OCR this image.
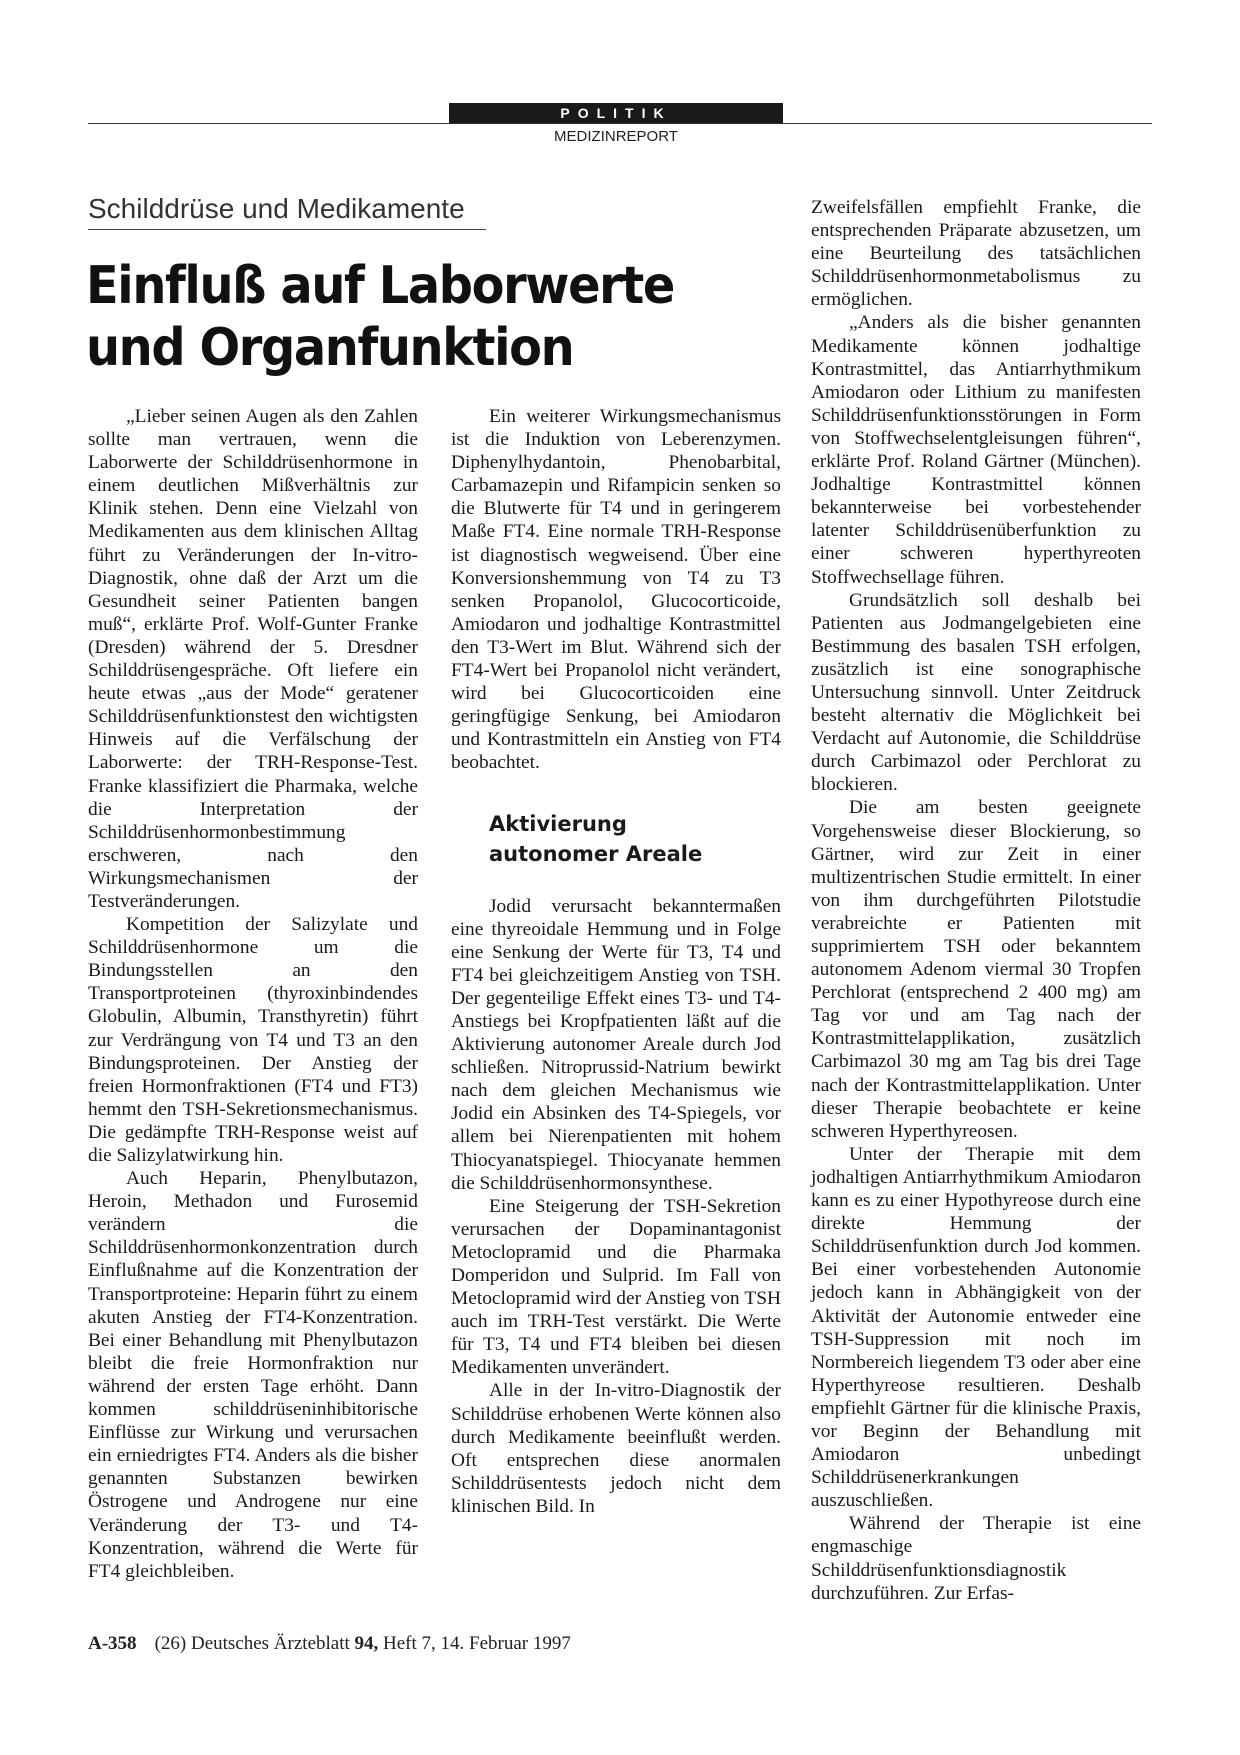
POLITIK
MEDIZINREPORT
Schilddrüse und Medikamente
Einfluß auf Laborwerte
und Organfunktion

„Lieber seinen Augen als den Zahlen sollte man vertrauen, wenn die Laborwerte der Schilddrüsenhormone in einem deutlichen Mißverhältnis zur Klinik stehen. Denn eine Vielzahl von Medikamenten aus dem klinischen Alltag führt zu Veränderungen der In-vitro-Diagnostik, ohne daß der Arzt um die Gesundheit seiner Patienten bangen muß“, erklärte Prof. Wolf-Gunter Franke (Dresden) während der 5. Dresdner Schilddrüsengespräche. Oft liefere ein heute etwas „aus der Mode“ geratener Schilddrüsenfunktionstest den wichtigsten Hinweis auf die Verfälschung der Laborwerte: der TRH-Response-Test. Franke klassifiziert die Pharmaka, welche die Interpretation der Schilddrüsenhormonbestimmung erschweren, nach den Wirkungsmechanismen der Testveränderungen.

Kompetition der Salizylate und Schilddrüsenhormone um die Bindungsstellen an den Transportproteinen (thyroxinbindendes Globulin, Albumin, Transthyretin) führt zur Verdrängung von T4 und T3 an den Bindungsproteinen. Der Anstieg der freien Hormonfraktionen (FT4 und FT3) hemmt den TSH-Sekretionsmechanismus. Die gedämpfte TRH-Response weist auf die Salizylatwirkung hin.

Auch Heparin, Phenylbutazon, Heroin, Methadon und Furosemid verändern die Schilddrüsenhormonkonzentration durch Einflußnahme auf die Konzentration der Transportproteine: Heparin führt zu einem akuten Anstieg der FT4-Konzentration. Bei einer Behandlung mit Phenylbutazon bleibt die freie Hormonfraktion nur während der ersten Tage erhöht. Dann kommen schilddrüseninhibitorische Einflüsse zur Wirkung und verursachen ein erniedrigtes FT4. Anders als die bisher genannten Substanzen bewirken Östrogene und Androgene nur eine Veränderung der T3- und T4-Konzentration, während die Werte für FT4 gleichbleiben.

Ein weiterer Wirkungsmechanismus ist die Induktion von Leberenzymen. Diphenylhydantoin, Phenobarbital, Carbamazepin und Rifampicin senken so die Blutwerte für T4 und in geringerem Maße FT4. Eine normale TRH-Response ist diagnostisch wegweisend. Über eine Konversionshemmung von T4 zu T3 senken Propanolol, Glucocorticoide, Amiodaron und jodhaltige Kontrastmittel den T3-Wert im Blut. Während sich der FT4-Wert bei Propanolol nicht verändert, wird bei Glucocorticoiden eine geringfügige Senkung, bei Amiodaron und Kontrastmitteln ein Anstieg von FT4 beobachtet.

Aktivierung
autonomer Areale

Jodid verursacht bekanntermaßen eine thyreoidale Hemmung und in Folge eine Senkung der Werte für T3, T4 und FT4 bei gleichzeitigem Anstieg von TSH. Der gegenteilige Effekt eines T3- und T4-Anstiegs bei Kropfpatienten läßt auf die Aktivierung autonomer Areale durch Jod schließen. Nitroprussid-Natrium bewirkt nach dem gleichen Mechanismus wie Jodid ein Absinken des T4-Spiegels, vor allem bei Nierenpatienten mit hohem Thiocyanatspiegel. Thiocyanate hemmen die Schilddrüsenhormonsynthese.

Eine Steigerung der TSH-Sekretion verursachen der Dopaminantagonist Metoclopramid und die Pharmaka Domperidon und Sulprid. Im Fall von Metoclopramid wird der Anstieg von TSH auch im TRH-Test verstärkt. Die Werte für T3, T4 und FT4 bleiben bei diesen Medikamenten unverändert.

Alle in der In-vitro-Diagnostik der Schilddrüse erhobenen Werte können also durch Medikamente beeinflußt werden. Oft entsprechen diese anormalen Schilddrüsentests jedoch nicht dem klinischen Bild. In

Zweifelsfällen empfiehlt Franke, die entsprechenden Präparate abzusetzen, um eine Beurteilung des tatsächlichen Schilddrüsenhormonmetabolismus zu ermöglichen.

„Anders als die bisher genannten Medikamente können jodhaltige Kontrastmittel, das Antiarrhythmikum Amiodaron oder Lithium zu manifesten Schilddrüsenfunktionsstörungen in Form von Stoffwechselentgleisungen führen“, erklärte Prof. Roland Gärtner (München). Jodhaltige Kontrastmittel können bekannterweise bei vorbestehender latenter Schilddrüsenüberfunktion zu einer schweren hyperthyreoten Stoffwechsellage führen.

Grundsätzlich soll deshalb bei Patienten aus Jodmangelgebieten eine Bestimmung des basalen TSH erfolgen, zusätzlich ist eine sonographische Untersuchung sinnvoll. Unter Zeitdruck besteht alternativ die Möglichkeit bei Verdacht auf Autonomie, die Schilddrüse durch Carbimazol oder Perchlorat zu blockieren.

Die am besten geeignete Vorgehensweise dieser Blockierung, so Gärtner, wird zur Zeit in einer multizentrischen Studie ermittelt. In einer von ihm durchgeführten Pilotstudie verabreichte er Patienten mit supprimiertem TSH oder bekanntem autonomem Adenom viermal 30 Tropfen Perchlorat (entsprechend 2 400 mg) am Tag vor und am Tag nach der Kontrastmittelapplikation, zusätzlich Carbimazol 30 mg am Tag bis drei Tage nach der Kontrastmittelapplikation. Unter dieser Therapie beobachtete er keine schweren Hyperthyreosen.

Unter der Therapie mit dem jodhaltigen Antiarrhythmikum Amiodaron kann es zu einer Hypothyreose durch eine direkte Hemmung der Schilddrüsenfunktion durch Jod kommen. Bei einer vorbestehenden Autonomie jedoch kann in Abhängigkeit von der Aktivität der Autonomie entweder eine TSH-Suppression mit noch im Normbereich liegendem T3 oder aber eine Hyperthyreose resultieren. Deshalb empfiehlt Gärtner für die klinische Praxis, vor Beginn der Behandlung mit Amiodaron unbedingt Schilddrüsenerkrankungen auszuschließen.

Während der Therapie ist eine engmaschige Schilddrüsenfunktionsdiagnostik durchzuführen. Zur Erfas-

A-358 (26) Deutsches Ärzteblatt 94, Heft 7, 14. Februar 1997
